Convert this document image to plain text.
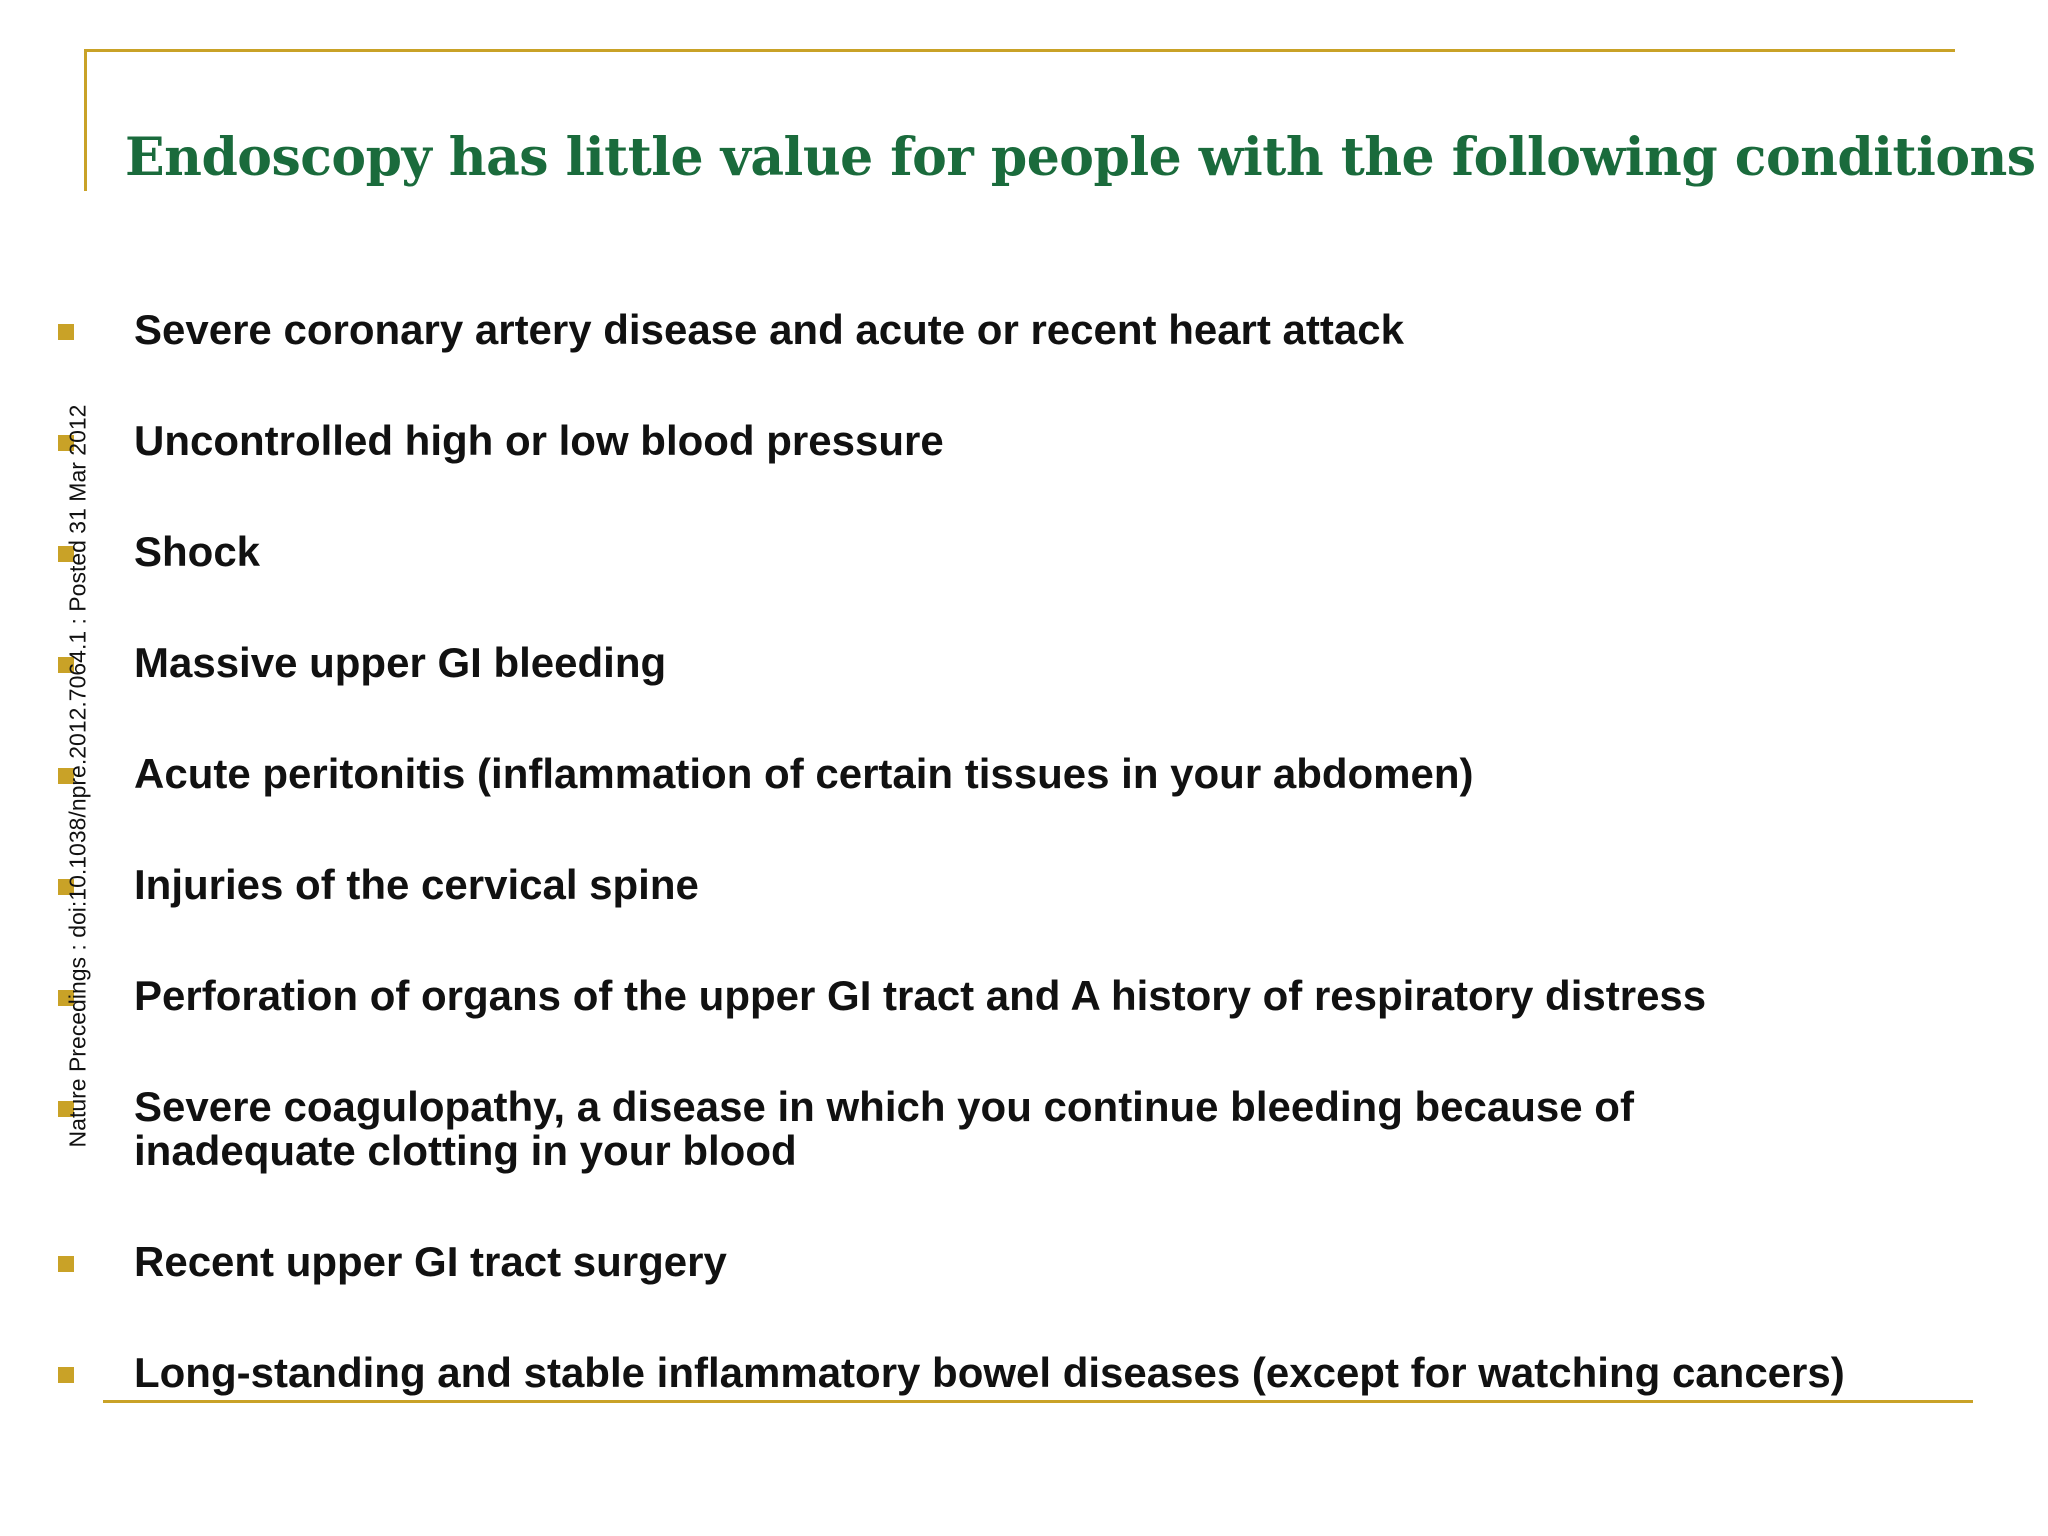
Endoscopy has little value for people with the following conditions
Severe coronary artery disease and acute or recent heart attack
Uncontrolled high or low blood pressure
Shock
Massive upper GI bleeding
Acute peritonitis (inflammation of certain tissues in your abdomen)
Injuries of the cervical spine
Perforation of organs of the upper GI tract and A history of respiratory distress
Severe coagulopathy, a disease in which you continue bleeding because of
inadequate clotting in your blood
Recent upper GI tract surgery
Long-standing and stable inflammatory bowel diseases (except for watching cancers)
Nature Precedings : doi:10.1038/npre.2012.7064.1 : Posted 31 Mar 2012
